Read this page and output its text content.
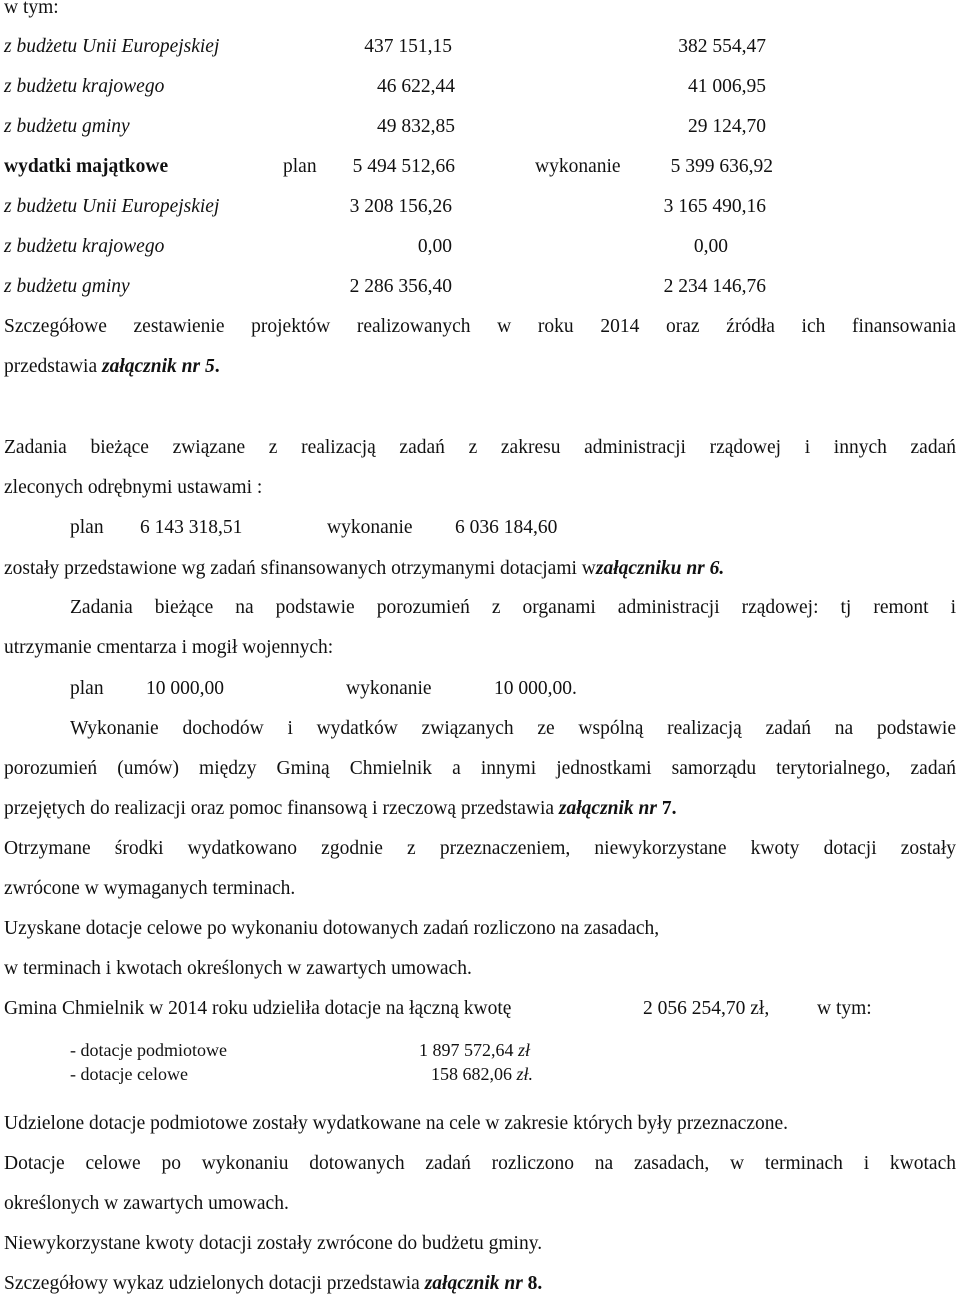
w tym:
z budżetu Unii Europejskiej	437 151,15	382 554,47
z budżetu krajowego	46 622,44	41 006,95
z budżetu gminy	49 832,85	29 124,70
wydatki majątkowe	plan	5 494 512,66	wykonanie	5 399 636,92
z budżetu Unii Europejskiej	3 208 156,26	3 165 490,16
z budżetu krajowego	0,00	0,00
z budżetu gminy	2 286 356,40	2 234 146,76
Szczegółowe zestawienie projektów realizowanych w roku 2014 oraz źródła ich finansowania
przedstawia załącznik nr 5.
Zadania bieżące związane z realizacją zadań z zakresu administracji rządowej i innych zadań
zleconych odrębnymi ustawami :
plan 6 143 318,51	wykonanie 6 036 184,60
zostały przedstawione wg zadań sfinansowanych otrzymanymi dotacjami wzałączniku nr 6.
Zadania bieżące na podstawie porozumień z organami administracji rządowej: tj remont i
utrzymanie cmentarza i mogił wojennych:
plan 10 000,00	wykonanie	10 000,00.
Wykonanie dochodów i wydatków związanych ze wspólną realizacją zadań na podstawie
porozumień (umów) między Gminą Chmielnik a innymi jednostkami samorządu terytorialnego, zadań
przejętych do realizacji oraz pomoc finansową i rzeczową przedstawia załącznik nr 7.
Otrzymane środki wydatkowano zgodnie z przeznaczeniem, niewykorzystane kwoty dotacji zostały
zwrócone w wymaganych terminach.
Uzyskane dotacje celowe po wykonaniu dotowanych zadań rozliczono na zasadach,
w terminach i kwotach określonych w zawartych umowach.
Gmina Chmielnik w 2014 roku udzieliła dotacje na łączną kwotę	2 056 254,70 zł, w tym:
- dotacje podmiotowe	1 897 572,64 zł
- dotacje celowe	158 682,06 zł.
Udzielone dotacje podmiotowe zostały wydatkowane na cele w zakresie których były przeznaczone.
Dotacje celowe po wykonaniu dotowanych zadań rozliczono na zasadach, w terminach i kwotach
określonych w zawartych umowach.
Niewykorzystane kwoty dotacji zostały zwrócone do budżetu gminy.
Szczegółowy wykaz udzielonych dotacji przedstawia załącznik nr 8.
